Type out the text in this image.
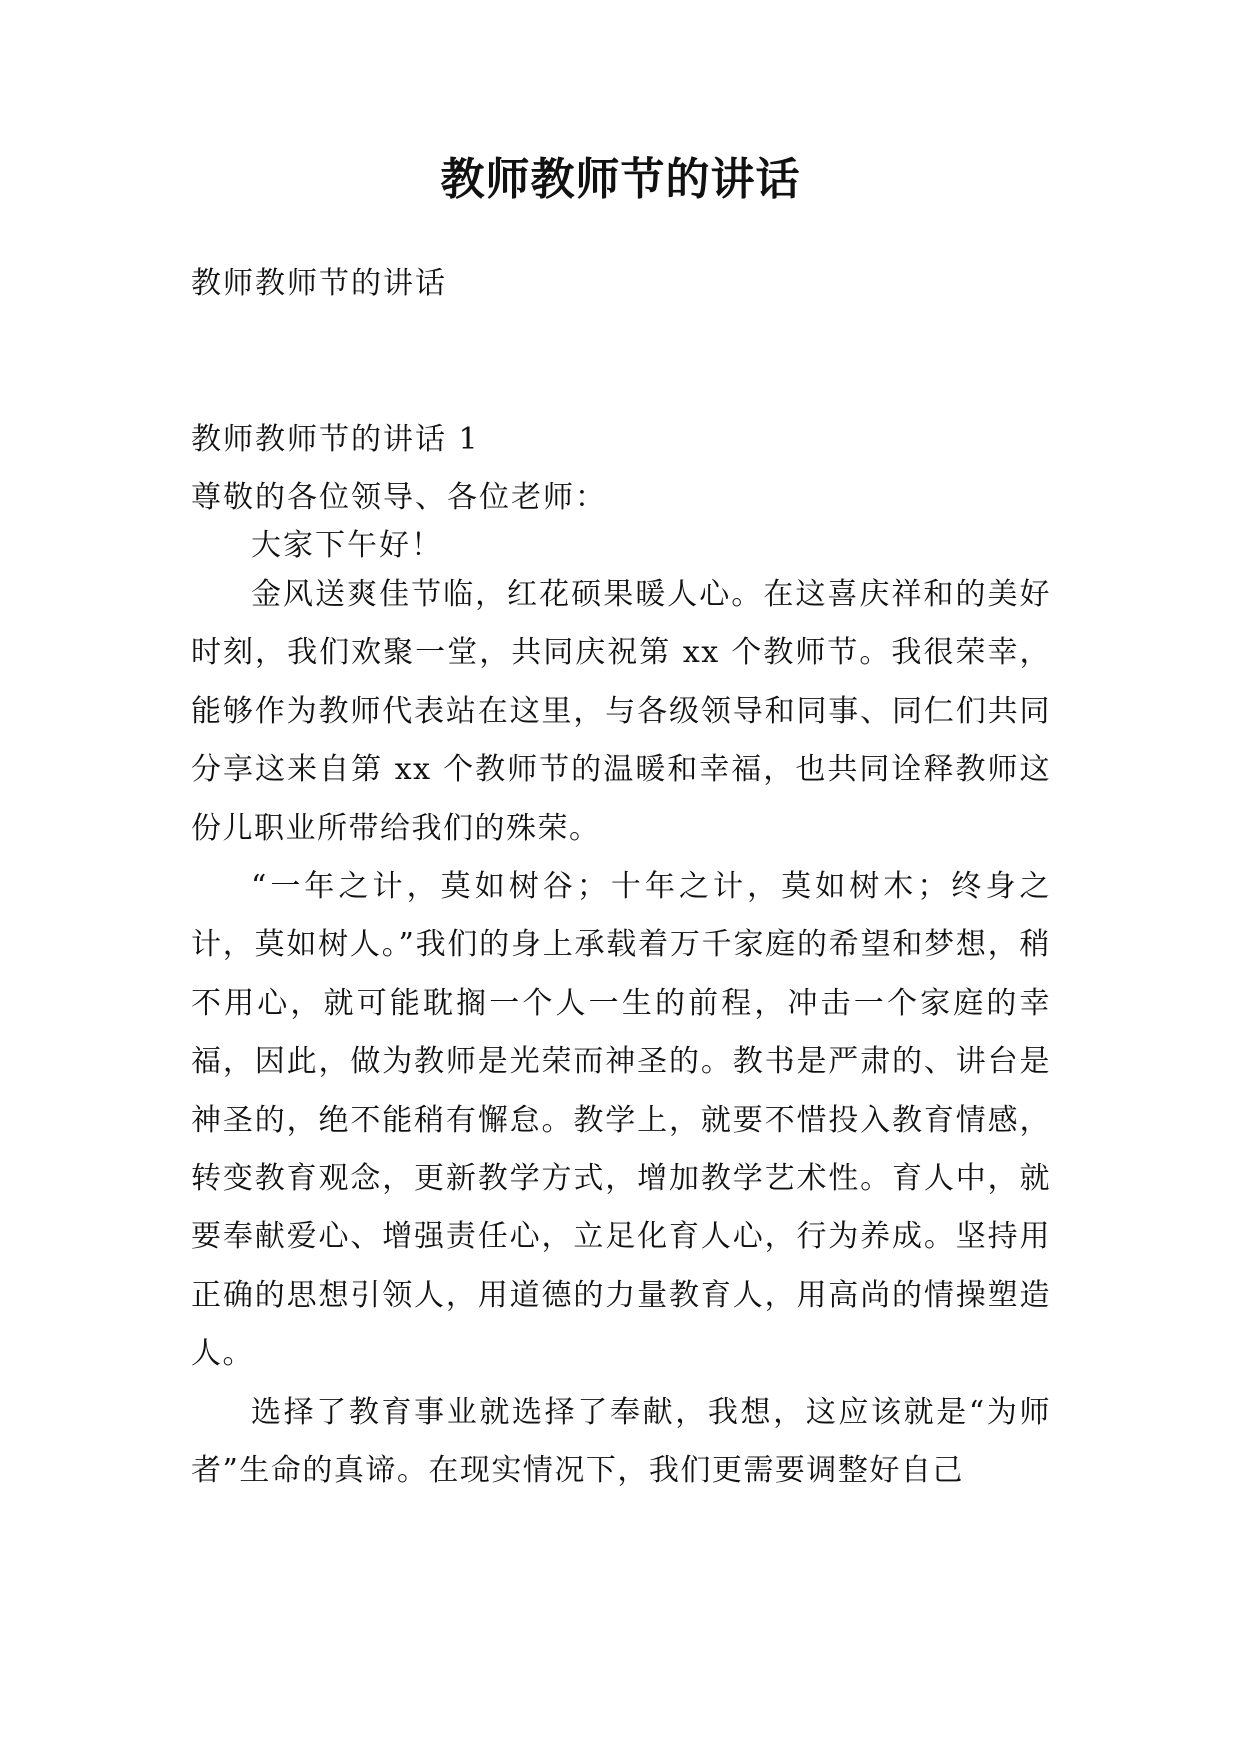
教师教师节的讲话
教师教师节的讲话
教师教师节的讲话 1
尊敬的各位领导、各位老师：
大家下午好！

金风送爽佳节临，红花硕果暖人心。在这喜庆祥和的美好时刻，我们欢聚一堂，共同庆祝第 xx 个教师节。我很荣幸，能够作为教师代表站在这里，与各级领导和同事、同仁们共同分享这来自第 xx 个教师节的温暖和幸福，也共同诠释教师这份儿职业所带给我们的殊荣。

“一年之计，莫如树谷；十年之计，莫如树木；终身之计，莫如树人。”我们的身上承载着万千家庭的希望和梦想，稍不用心，就可能耽搁一个人一生的前程，冲击一个家庭的幸福，因此，做为教师是光荣而神圣的。教书是严肃的、讲台是神圣的，绝不能稍有懈怠。教学上，就要不惜投入教育情感，转变教育观念，更新教学方式，增加教学艺术性。育人中，就要奉献爱心、增强责任心，立足化育人心，行为养成。坚持用正确的思想引领人，用道德的力量教育人，用高尚的情操塑造人。

选择了教育事业就选择了奉献，我想，这应该就是“为师者”生命的真谛。在现实情况下，我们更需要调整好自己
